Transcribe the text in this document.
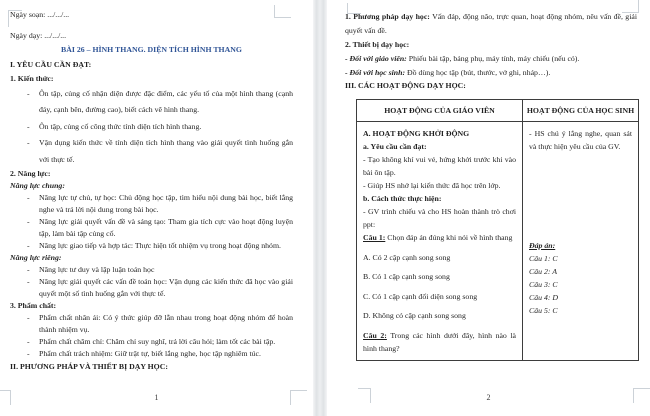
Ngày soạn: .../.../...

Ngày dạy: .../.../...

BÀI 26 – HÌNH THANG. DIỆN TÍCH HÌNH THANG

I. YÊU CẦU CẦN ĐẠT:

1. Kiến thức:

- Ôn tập, củng cố nhận diện được đặc điểm, các yếu tố của một hình thang (cạnh đáy, cạnh bên, đường cao), biết cách vẽ hình thang.
- Ôn tập, củng cố công thức tính diện tích hình thang.
- Vận dụng kiến thức về tính diện tích hình thang vào giải quyết tình huống gắn với thực tế.

2. Năng lực:

Năng lực chung:

- Năng lực tự chủ, tự học: Chủ động học tập, tìm hiểu nội dung bài học, biết lắng nghe và trả lời nội dung trong bài học.
- Năng lực giải quyết vấn đề và sáng tạo: Tham gia tích cực vào hoạt động luyện tập, làm bài tập củng cố.
- Năng lực giao tiếp và hợp tác: Thực hiện tốt nhiệm vụ trong hoạt động nhóm.

Năng lực riêng:

- Năng lực tư duy và lập luận toán học
- Năng lực giải quyết các vấn đề toán học: Vận dụng các kiến thức đã học vào giải quyết một số tình huống gắn với thực tế.

3. Phẩm chất:

- Phẩm chất nhân ái: Có ý thức giúp đỡ lẫn nhau trong hoạt động nhóm để hoàn thành nhiệm vụ.
- Phẩm chất chăm chỉ: Chăm chỉ suy nghĩ, trả lời câu hỏi; làm tốt các bài tập.
- Phẩm chất trách nhiệm: Giữ trật tự, biết lắng nghe, học tập nghiêm túc.

II. PHƯƠNG PHÁP VÀ THIẾT BỊ DẠY HỌC:

1

1. Phương pháp dạy học: Vấn đáp, động não, trực quan, hoạt động nhóm, nêu vấn đề, giải quyết vấn đề.

2. Thiết bị dạy học:

- Đối với giáo viên: Phiếu bài tập, bảng phụ, máy tính, máy chiếu (nếu có).

- Đối với học sinh: Đồ dùng học tập (bút, thước, vở ghi, nháp…).

III. CÁC HOẠT ĐỘNG DẠY HỌC:

HOẠT ĐỘNG CỦA GIÁO VIÊN	HOẠT ĐỘNG CỦA HỌC SINH

A. HOẠT ĐỘNG KHỞI ĐỘNG

a. Yêu cầu cần đạt:

- Tạo không khí vui vẻ, hứng khởi trước khi vào bài ôn tập.

- Giúp HS nhớ lại kiến thức đã học trên lớp.

b. Cách thức thực hiện:

- GV trình chiếu và cho HS hoàn thành trò chơi ppt:

Câu 1: Chọn đáp án đúng khi nói về hình thang

A. Có 2 cặp cạnh song song

B. Có 1 cặp cạnh song song

C. Có 1 cặp cạnh đối diện song song

D. Không có cặp cạnh song song

Câu 2: Trong các hình dưới đây, hình nào là hình thang?

- HS chú ý lắng nghe, quan sát và thực hiện yêu cầu của GV.

Đáp án:

Câu 1: C

Câu 2: A

Câu 3: C

Câu 4: D

Câu 5: C

2
